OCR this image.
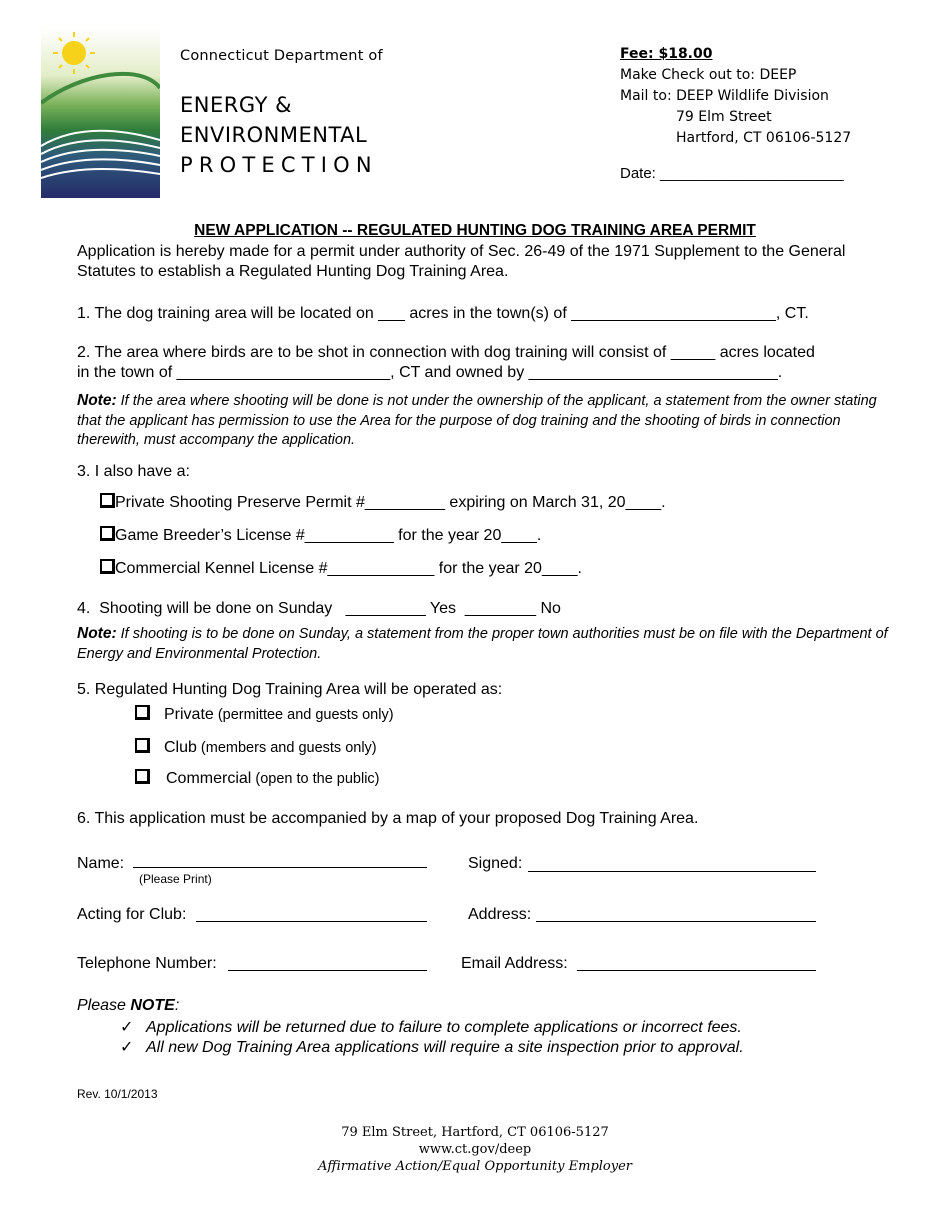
Connecticut Department of
ENERGY &
ENVIRONMENTAL
PROTECTION
Fee: $18.00
Make Check out to: DEEP
Mail to: DEEP Wildlife Division
79 Elm Street
Hartford, CT 06106-5127
Date: ______________________
NEW APPLICATION -- REGULATED HUNTING DOG TRAINING AREA PERMIT
Application is hereby made for a permit under authority of Sec. 26-49 of the 1971 Supplement to the General Statutes to establish a Regulated Hunting Dog Training Area.
1. The dog training area will be located on ___ acres in the town(s) of _______________________, CT.
2. The area where birds are to be shot in connection with dog training will consist of _____ acres located
in the town of ________________________, CT and owned by ____________________________.
Note: If the area where shooting will be done is not under the ownership of the applicant, a statement from the owner stating that the applicant has permission to use the Area for the purpose of dog training and the shooting of birds in connection therewith, must accompany the application.
3. I also have a:
Private Shooting Preserve Permit #_________ expiring on March 31, 20____.
Game Breeder’s License #__________ for the year 20____.
Commercial Kennel License #____________ for the year 20____.
4.  Shooting will be done on Sunday   _________ Yes  ________ No
Note: If shooting is to be done on Sunday, a statement from the proper town authorities must be on file with the Department of Energy and Environmental Protection.
5. Regulated Hunting Dog Training Area will be operated as:
Private (permittee and guests only)
Club (members and guests only)
Commercial (open to the public)
6. This application must be accompanied by a map of your proposed Dog Training Area.
Name:
(Please Print)
Signed:
Acting for Club:	Address:
Telephone Number:	Email Address:
Please NOTE:
✓ Applications will be returned due to failure to complete applications or incorrect fees.
✓ All new Dog Training Area applications will require a site inspection prior to approval.
Rev. 10/1/2013
79 Elm Street, Hartford, CT 06106-5127
www.ct.gov/deep
Affirmative Action/Equal Opportunity Employer
